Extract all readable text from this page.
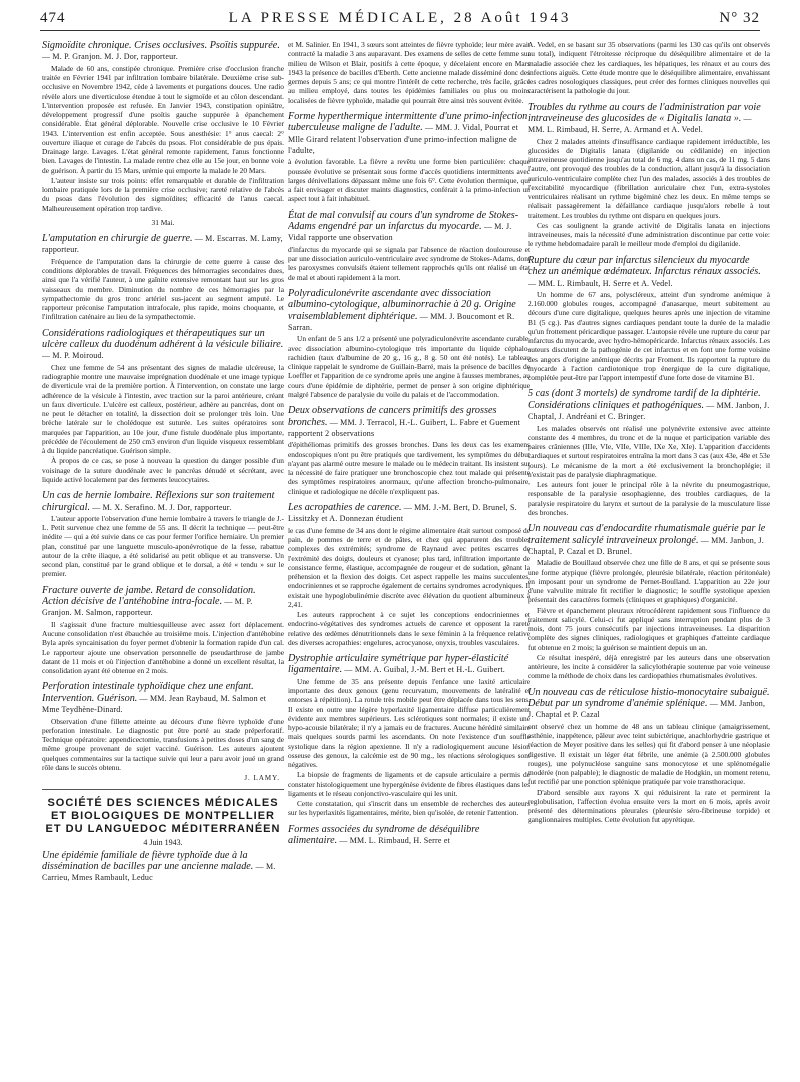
474	LA PRESSE MÉDICALE, 28 Août 1943	N° 32
Sigmoïdite chronique. Crises occlusives. Psoïtis suppurée. — M. P. Granjon. M. J. Dor, rapporteur.

Malade de 60 ans, constipée chronique. Première crise d'occlusion franche traitée en Février 1941 par infiltration lombaire bilatérale. Deuxième crise sub-occlusive en Novembre 1942, cède à lavements et purgations douces. Une radio révèle alors une diverticulose étendue à tout le sigmoïde et au côlon descendant. L'intervention proposée est refusée. En Janvier 1943, constipation opiniâtre, développement progressif d'une psoïtis gauche suppurée à épanchement considérable. État général déplorable. Nouvelle crise occlusive le 10 Février 1943. L'intervention est enfin acceptée. Sous anesthésie: 1° anus caecal: 2° ouverture iliaque et curage de l'abcès du psoas. Flot considérable de pus épais. Drainage large. Lavages. L'état général remonte rapidement, l'anus fonctionne bien. Lavages de l'intestin. La malade rentre chez elle au 15e jour, en bonne voie de guérison. À partir du 15 Mars, urémie qui emporte la malade le 20 Mars.

L'auteur insiste sur trois points: effet remarquable et durable de l'infiltration lombaire pratiquée lors de la première crise occlusive; rareté relative de l'abcès du psoas dans l'évolution des sigmoïdites; efficacité de l'anus caecal. Malheureusement opération trop tardive.

31 Mai.
L'amputation en chirurgie de guerre. — M. Escarras. M. Lamy, rapporteur.

Fréquence de l'amputation dans la chirurgie de cette guerre à cause des conditions déplorables de travail. Fréquences des hémorragies secondaires dues, ainsi que l'a vérifié l'auteur, à une gaînite extensive remontant haut sur les gros vaisseaux du membre. Diminution du nombre de ces hémorragies par la sympathectomie du gros tronc artériel sus-jacent au segment amputé. Le rapporteur préconise l'amputation intrafocale, plus rapide, moins choquante, et l'infiltration caténaire au lieu de la sympathectomie.

Considérations radiologiques et thérapeutiques sur un ulcère calleux du duodénum adhérent à la vésicule biliaire. — M. P. Moiroud.

Chez une femme de 54 ans présentant des signes de maladie ulcéreuse, la radiographie montre une mauvaise imprégnation duodénale et une image typique de diverticule vrai de la première portion. À l'intervention, on constate une large adhérence de la vésicule à l'intestin, avec traction sur la paroi antérieure, créant un faux diverticule. L'ulcère est calleux, postérieur, adhère au pancréas, dont on ne peut le détacher en totalité, la dissection doit se prolonger très loin. Une brèche latérale sur le cholédoque est suturée. Les suites opératoires sont marquées par l'apparition, au 10e jour, d'une fistule duodénale plus importante, précédée de l'écoulement de 250 cm3 environ d'un liquide visqueux ressemblant à du liquide pancréatique. Guérison simple.

À propos de ce cas, se pose à nouveau la question du danger possible d'un voisinage de la suture duodénale avec le pancréas dénudé et sécrétant, avec liquide activé localement par des ferments leucocytaires.

Un cas de hernie lombaire. Réflexions sur son traitement chirurgical. — M. X. Serafino. M. J. Dor, rapporteur.

L'auteur apporte l'observation d'une hernie lombaire à travers le triangle de J.-L. Petit survenue chez une femme de 55 ans. Il décrit la technique — peut-être inédite — qui a été suivie dans ce cas pour fermer l'orifice herniaire. Un premier plan, constitué par une languette musculo-aponévrotique de la fesse, rabattue autour de la crête iliaque, a été solidarisé au petit oblique et au transverse. Un second plan, constitué par le grand oblique et le dorsal, a été « tendu » sur le premier.

Fracture ouverte de jambe. Retard de consolidation. Action décisive de l'antéhobine intra-focale. — M. P. Granjon. M. Salmon, rapporteur.

Il s'agissait d'une fracture multiesquilleuse avec assez fort déplacement. Aucune consolidation n'est ébauchée au troisième mois. L'injection d'antéhobine Byla après syncainisation du foyer permet d'obtenir la formation rapide d'un cal. Le rapporteur ajoute une observation personnelle de pseudarthrose de jambe datant de 11 mois et où l'injection d'antéhobine a donné un excellent résultat, la consolidation ayant été obtenue en 2 mois.

Perforation intestinale typhoïdique chez une enfant. Intervention. Guérison. — MM. Jean Raybaud, M. Salmon et Mme Teydhène-Dinard.

Observation d'une fillette atteinte au décours d'une fièvre typhoïde d'une perforation intestinale. Le diagnostic put être porté au stade préperforatif. Technique opératoire: appendicectomie, transfusions à petites doses d'un sang de même groupe provenant de sujet vacciné. Guérison. Les auteurs ajoutent quelques commentaires sur la tactique suivie qui leur a paru avoir joué un grand rôle dans le succès obtenu.

J. LAMY.
SOCIÉTÉ DES SCIENCES MÉDICALES
ET BIOLOGIQUES DE MONTPELLIER
ET DU LANGUEDOC MÉDITERRANÉEN
4 Juin 1943.
Une épidémie familiale de fièvre typhoïde due à la dissémination de bacilles par une ancienne malade. — M. Carrieu, Mmes Rambault, Leduc

et M. Salinier. En 1941, 3 sœurs sont atteintes de fièvre typhoïde; leur mère avait contracté la maladie 3 ans auparavant. Des examens de selles de cette femme sur milieu de Wilson et Blair, positifs à cette époque, y décelaient encore en Mars 1943 la présence de bacilles d'Eberth. Cette ancienne malade disséminé donc des germes depuis 5 ans; ce qui montre l'intérêt de cette recherche, très facile, grâce au milieu employé, dans toutes les épidémies familiales ou plus ou moins localisées de fièvre typhoïde, maladie qui pourrait être ainsi très souvent évitée.

Forme hyperthermique intermittente d'une primo-infection tuberculeuse maligne de l'adulte. — MM. J. Vidal, Pourrat et Mlle Girard relatent l'observation d'une primo-infection maligne de l'adulte,

à évolution favorable. La fièvre a revêtu une forme bien particulière: chaque poussée évolutive se présentait sous forme d'accès quotidiens intermittents avec larges dénivellations dépassant même une fois 6°. Cette évolution thermique, qui a fait envisager et discuter maints diagnostics, conférait à la primo-infection un aspect tout à fait inhabituel.

État de mal convulsif au cours d'un syndrome de Stokes-Adams engendré par un infarctus du myocarde. — M. J. Vidal rapporte une observation

d'infarctus du myocarde qui se signala par l'absence de réaction douloureuse et par une dissociation auriculo-ventriculaire avec syndrome de Stokes-Adams, dont les paroxysmes convulsifs étaient tellement rapprochés qu'ils ont réalisé un état de mal et abouti rapidement à la mort.

Polyradiculonévrite ascendante avec dissociation albumino-cytologique, albuminorrachie à 20 g. Origine vraisemblablement diphtérique. — MM. J. Boucomont et R. Sarran.

Un enfant de 5 ans 1/2 a présenté une polyradiculonévrite ascendante curable, avec dissociation albumino-cytologique très importante du liquide céphalo-rachidien (taux d'albumine de 20 g., 16 g., 8 g. 50 ont été notés). Le tableau clinique rappelait le syndrome de Guillain-Barré, mais la présence de bacilles de Loeffler et l'apparition de ce syndrome après une angine à fausses membranes, au cours d'une épidémie de diphtérie, permet de penser à son origine diphtérique malgré l'absence de paralysie du voile du palais et de l'accommodation.

Deux observations de cancers primitifs des grosses bronches. — MM. J. Terracol, H.-L. Guibert, L. Fabre et Guement rapportent 2 observations

d'épithéliomas primitifs des grosses bronches. Dans les deux cas les examens endoscopiques n'ont pu être pratiqués que tardivement, les symptômes du début n'ayant pas alarmé outre mesure le malade ou le médecin traitant. Ils insistent sur la nécessité de faire pratiquer une bronchoscopie chez tout malade qui présente des symptômes respiratoires anormaux, qu'une affection broncho-pulmonaire, clinique et radiologique ne décèle n'expliquent pas.

Les acropathies de carence. — MM. J.-M. Bert, D. Brunel, S. Lissitzky et A. Donnezan étudient

le cas d'une femme de 34 ans dont le régime alimentaire était surtout composé de pain, de pommes de terre et de pâtes, et chez qui apparurent des troubles complexes des extrémités; syndrome de Raynaud avec petites escarres de l'extrémité des doigts, douleurs et cyanose; plus tard, infiltration importante de consistance ferme, élastique, accompagnée de rougeur et de sudation, gênant la préhension et la flexion des doigts. Cet aspect rappelle les mains succulentes, endocriniennes et se rapproche également de certains syndromes acrodyniques. Il existait une hypoglobulinémie discrète avec élévation du quotient albumineux à 2,41.

Les auteurs rapprochent à ce sujet les conceptions endocriniennes et endocrino-végétatives des syndromes actuels de carence et opposent la rareté relative des œdèmes dénutritionnels dans le sexe féminin à la fréquence relative des diverses acropathies: engelures, acrocyanose, onyxis, troubles vasculaires.

Dystrophie articulaire symétrique par hyper-élasticité ligamentaire. — MM. A. Guibal, J.-M. Bert et H.-L. Guibert.

Une femme de 35 ans présente depuis l'enfance une laxité articulaire importante des deux genoux (genu recurvatum, mouvements de latéralité et entorses à répétition). La rotule très mobile peut être déplacée dans tous les sens. Il existe en outre une légère hyperlaxité ligamentaire diffuse particulièrement évidente aux membres supérieurs. Les sclérotiques sont normales; il existe une hypo-acousie bilatérale; il n'y a jamais eu de fractures. Aucune hérédité similaire mais quelques sourds parmi les ascendants. On note l'existence d'un souffle systolique dans la région apexienne. Il n'y a radiologiquement aucune lésion osseuse des genoux, la calcémie est de 90 mg., les réactions sérologiques sont négatives.

La biopsie de fragments de ligaments et de capsule articulaire a permis de constater histologiquement une hypergénèse évidente de fibres élastiques dans les ligaments et le réseau conjonctivo-vasculaire qui les unit.

Cette constatation, qui s'inscrit dans un ensemble de recherches des auteurs sur les hyperlaxités ligamentaires, mérite, bien qu'isolée, de retenir l'attention.

Formes associées du syndrome de déséquilibre alimentaire. — MM. L. Rimbaud, H. Serre et

A. Vedel, en se basant sur 35 observations (parmi les 130 cas qu'ils ont observés au total), indiquent l'étroitesse réciproque du déséquilibre alimentaire et de la maladie associée chez les cardiaques, les hépatiques, les rénaux et au cours des infections aiguës. Cette étude montre que le déséquilibre alimentaire, envahissant les cadres nosologiques classiques, peut créer des formes cliniques nouvelles qui caractérisent la pathologie du jour.

Troubles du rythme au cours de l'administration par voie intraveineuse des glucosides de « Digitalis lanata ». — MM. L. Rimbaud, H. Serre, A. Armand et A. Vedel.

Chez 2 malades atteints d'insuffisance cardiaque rapidement irréductible, les glucosides de Digitalis lanata (digilanide ou cédilanide) en injection intraveineuse quotidienne jusqu'au total de 6 mg. 4 dans un cas, de 11 mg. 5 dans l'autre, ont provoqué des troubles de la conduction, allant jusqu'à la dissociation auriculo-ventriculaire complète chez l'un des malades, associés à des troubles de l'excitabilité myocardique (fibrillation auriculaire chez l'un, extra-systoles ventriculaires réalisant un rythme bigéminé chez les deux. En même temps se réalisait passagèrement la défaillance cardiaque jusqu'alors rebelle à tout traitement. Les troubles du rythme ont disparu en quelques jours.

Ces cas soulignent la grande activité de Digitalis lanata en injections intraveineuses, mais la nécessité d'une administration discontinue par cette voie: le rythme hebdomadaire paraît le meilleur mode d'emploi du digilanide.

Rupture du cœur par infarctus silencieux du myocarde chez un anémique œdémateux. Infarctus rénaux associés. — MM. L. Rimbault, H. Serre et A. Vedel.

Un homme de 67 ans, polyscléreux, atteint d'un syndrome anémique à 2.160.000 globules rouges, accompagné d'anasarque, meurt subitement au décours d'une cure digitalique, quelques heures après une injection de vitamine B1 (5 cg.). Pas d'autres signes cardiaques pendant toute la durée de la maladie qu'un frottement péricardique passager. L'autopsie révèle une rupture du cœur par infarctus du myocarde, avec hydro-hémopéricarde. Infarctus rénaux associés. Les auteurs discutent de la pathogénie de cet infarctus et en font une forme voisine des angors d'origine anémique décrits par Froment. Ils rapportent la rupture du myocarde à l'action cardiotonique trop énergique de la cure digitalique, complétée peut-être par l'apport intempestif d'une forte dose de vitamine B1.

5 cas (dont 3 mortels) de syndrome tardif de la diphtérie. Considérations cliniques et pathogéniques. — MM. Janbon, J. Chaptal, J. Andréani et C. Bringer.

Les malades observés ont réalisé une polynévrite extensive avec atteinte constante des 4 membres, du tronc et de la nuque et participation variable des paires crâniennes (IIIe, VIe, VIIe, VIIIe, IXe Xe, XIe). L'apparition d'accidents cardiaques et surtout respiratoires entraîna la mort dans 3 cas (aux 43e, 48e et 53e jours). Le mécanisme de la mort a été exclusivement la bronchoplégie; il n'existait pas de paralysie diaphragmatique.

Les auteurs font jouer le principal rôle à la névrite du pneumogastrique, responsable de la paralysie œsophagienne, des troubles cardiaques, de la paralysie respiratoire du larynx et surtout de la paralysie de la musculature lisse des bronches.

Un nouveau cas d'endocardite rhumatismale guérie par le traitement salicylé intraveineux prolongé. — MM. Janbon, J. Chaptal, P. Cazal et D. Brunel.

Maladie de Bouillaud observée chez une fille de 8 ans, et qui se présente sous une forme atypique (fièvre prolongée, pleurésie bilatérale, réaction péritonéale) en imposant pour un syndrome de Pernet-Boulland. L'apparition au 22e jour d'une valvulite mitrale fit rectifier le diagnostic; le souffle systolique apexien présentait des caractères formels (cliniques et graphiques) d'organicité.

Fièvre et épanchement pleuraux rétrocédèrent rapidement sous l'influence du traitement salicylé. Celui-ci fut appliqué sans interruption pendant plus de 3 mois, dont 75 jours consécutifs par injections intraveineuses. La disparition complète des signes cliniques, radiologiques et graphiques d'atteinte cardiaque fut obtenue en 2 mois; la guérison se maintient depuis un an.

Ce résultat inespéré, déjà enregistré par les auteurs dans une observation antérieure, les incite à considérer la salicylothérapie soutenue par voie veineuse comme la méthode de choix dans les cardiopathies rhumatismales évolutives.

Un nouveau cas de réticulose histio-monocytaire subaiguë. Début par un syndrome d'anémie splénique. — MM. Janbon, J. Chaptal et P. Cazal

ont observé chez un homme de 48 ans un tableau clinique (amaigrissement, asthénie, inappétence, pâleur avec teint subictérique, anachlorhydrie gastrique et réaction de Meyer positive dans les selles) qui fit d'abord penser à une néoplasie digestive. Il existait un léger état fébrile, une anémie (à 2.500.000 globules rouges), une polynucléose sanguine sans monocytose et une splénomégalie modérée (non palpable); le diagnostic de maladie de Hodgkin, un moment retenu, fut rectifié par une ponction splénique pratiquée par voie transthoracique.

D'abord sensible aux rayons X qui réduisirent la rate et permirent la reglobulisation, l'affection évolua ensuite vers la mort en 6 mois, après avoir présenté des déterminations pleurales (pleurésie séro-fibrineuse torpide) et ganglionnaires multiples. Cette évolution fut apyrétique.
